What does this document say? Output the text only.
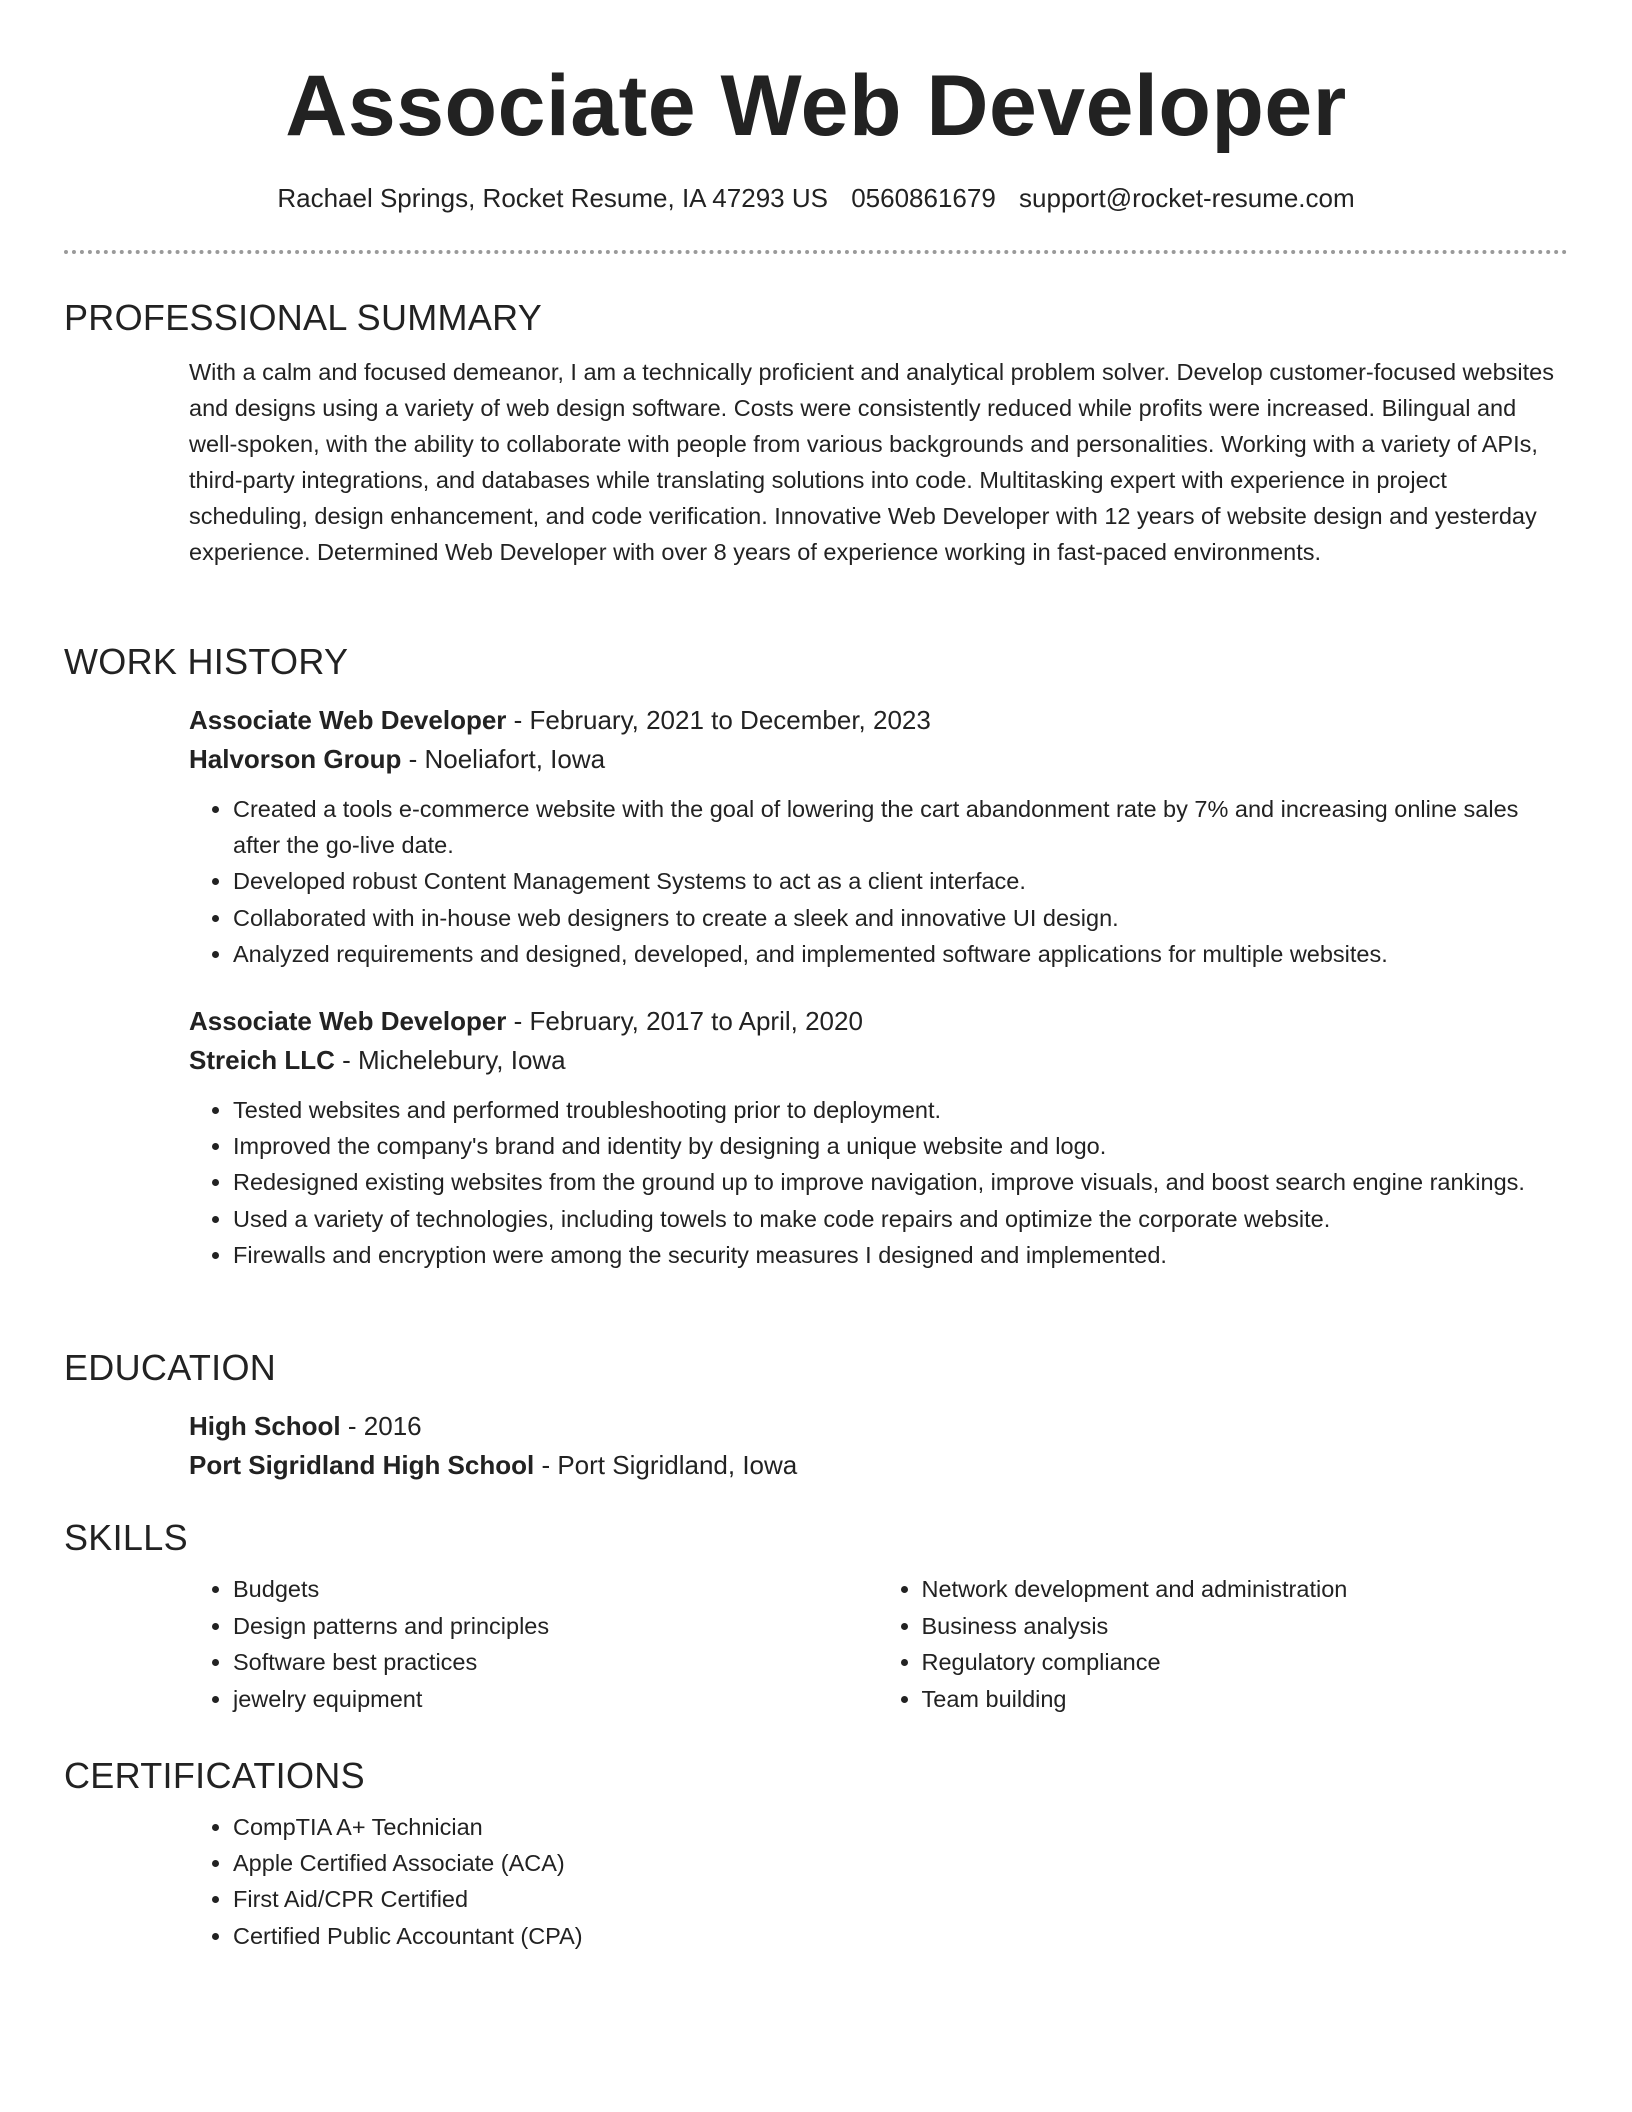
Associate Web Developer
Rachael Springs, Rocket Resume, IA 47293 US 0560861679 support@rocket-resume.com
PROFESSIONAL SUMMARY

With a calm and focused demeanor, I am a technically proficient and analytical problem solver. Develop customer-focused websites and designs using a variety of web design software. Costs were consistently reduced while profits were increased. Bilingual and well-spoken, with the ability to collaborate with people from various backgrounds and personalities. Working with a variety of APIs, third-party integrations, and databases while translating solutions into code. Multitasking expert with experience in project scheduling, design enhancement, and code verification. Innovative Web Developer with 12 years of website design and yesterday experience. Determined Web Developer with over 8 years of experience working in fast-paced environments.

WORK HISTORY

Associate Web Developer - February, 2021 to December, 2023

Halvorson Group - Noeliafort, Iowa

• Created a tools e-commerce website with the goal of lowering the cart abandonment rate by 7% and increasing online sales after the go-live date.
• Developed robust Content Management Systems to act as a client interface.
• Collaborated with in-house web designers to create a sleek and innovative UI design.
• Analyzed requirements and designed, developed, and implemented software applications for multiple websites.

Associate Web Developer - February, 2017 to April, 2020

Streich LLC - Michelebury, Iowa

• Tested websites and performed troubleshooting prior to deployment.
• Improved the company's brand and identity by designing a unique website and logo.
• Redesigned existing websites from the ground up to improve navigation, improve visuals, and boost search engine rankings.
• Used a variety of technologies, including towels to make code repairs and optimize the corporate website.
• Firewalls and encryption were among the security measures I designed and implemented.
EDUCATION

High School - 2016

Port Sigridland High School - Port Sigridland, Iowa

SKILLS
• Budgets
• Design patterns and principles
• Software best practices
• jewelry equipment
• Network development and administration
• Business analysis
• Regulatory compliance
• Team building
CERTIFICATIONS
• CompTIA A+ Technician
• Apple Certified Associate (ACA)
• First Aid/CPR Certified
• Certified Public Accountant (CPA)
